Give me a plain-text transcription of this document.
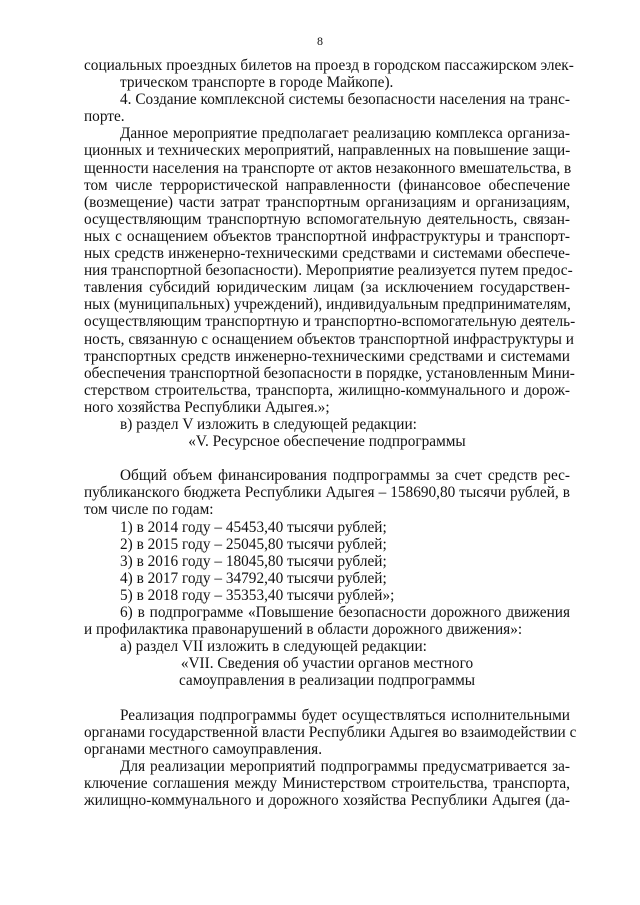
8
социальных проездных билетов на проезд в городском пассажирском элек-
трическом транспорте в городе Майкопе).
4. Создание комплексной системы безопасности населения на транс-
порте.
Данное мероприятие предполагает реализацию комплекса организа-
ционных и технических мероприятий, направленных на повышение защи-
щенности населения на транспорте от актов незаконного вмешательства, в
том числе террористической направленности (финансовое обеспечение
(возмещение) части затрат транспортным организациям и организациям,
осуществляющим транспортную вспомогательную деятельность, связан-
ных с оснащением объектов транспортной инфраструктуры и транспорт-
ных средств инженерно-техническими средствами и системами обеспече-
ния транспортной безопасности). Мероприятие реализуется путем предос-
тавления субсидий юридическим лицам (за исключением государствен-
ных (муниципальных) учреждений), индивидуальным предпринимателям,
осуществляющим транспортную и транспортно-вспомогательную деятель-
ность, связанную с оснащением объектов транспортной инфраструктуры и
транспортных средств инженерно-техническими средствами и системами
обеспечения транспортной безопасности в порядке, установленным Мини-
стерством строительства, транспорта, жилищно-коммунального и дорож-
ного хозяйства Республики Адыгея.»;
в) раздел V изложить в следующей редакции:
«V. Ресурсное обеспечение подпрограммы
Общий объем финансирования подпрограммы за счет средств рес-
публиканского бюджета Республики Адыгея – 158690,80 тысячи рублей, в
том числе по годам:
1) в 2014 году – 45453,40 тысячи рублей;
2) в 2015 году – 25045,80 тысячи рублей;
3) в 2016 году – 18045,80 тысячи рублей;
4) в 2017 году – 34792,40 тысячи рублей;
5) в 2018 году – 35353,40 тысячи рублей»;
6) в подпрограмме «Повышение безопасности дорожного движения
и профилактика правонарушений в области дорожного движения»:
а) раздел VII изложить в следующей редакции:
«VII. Сведения об участии органов местного
самоуправления в реализации подпрограммы
Реализация подпрограммы будет осуществляться исполнительными
органами государственной власти Республики Адыгея во взаимодействии с
органами местного самоуправления.
Для реализации мероприятий подпрограммы предусматривается за-
ключение соглашения между Министерством строительства, транспорта,
жилищно-коммунального и дорожного хозяйства Республики Адыгея (да-
